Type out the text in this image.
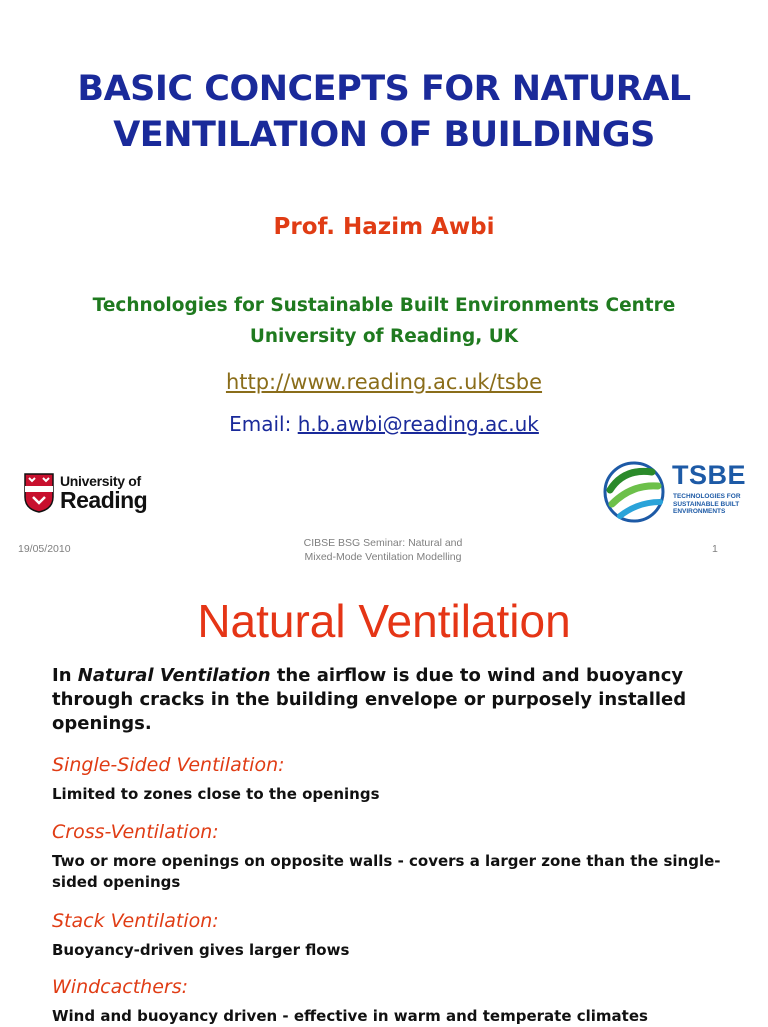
BASIC CONCEPTS FOR NATURAL
VENTILATION OF BUILDINGS
Prof. Hazim Awbi
Technologies for Sustainable Built Environments Centre
University of Reading, UK
http://www.reading.ac.uk/tsbe
Email: h.b.awbi@reading.ac.uk
University of
Reading
TSBE
TECHNOLOGIES FOR SUSTAINABLE BUILT ENVIRONMENTS
19/05/2010	CIBSE BSG Seminar: Natural and
Mixed-Mode Ventilation Modelling
1
Natural Ventilation
In Natural Ventilation the airflow is due to wind and buoyancy through cracks in the building envelope or purposely installed openings.
Single-Sided Ventilation:
Limited to zones close to the openings
Cross-Ventilation:
Two or more openings on opposite walls - covers a larger zone than the single-sided openings
Stack Ventilation:
Buoyancy-driven gives larger flows
Windcacthers:
Wind and buoyancy driven - effective in warm and temperate climates
